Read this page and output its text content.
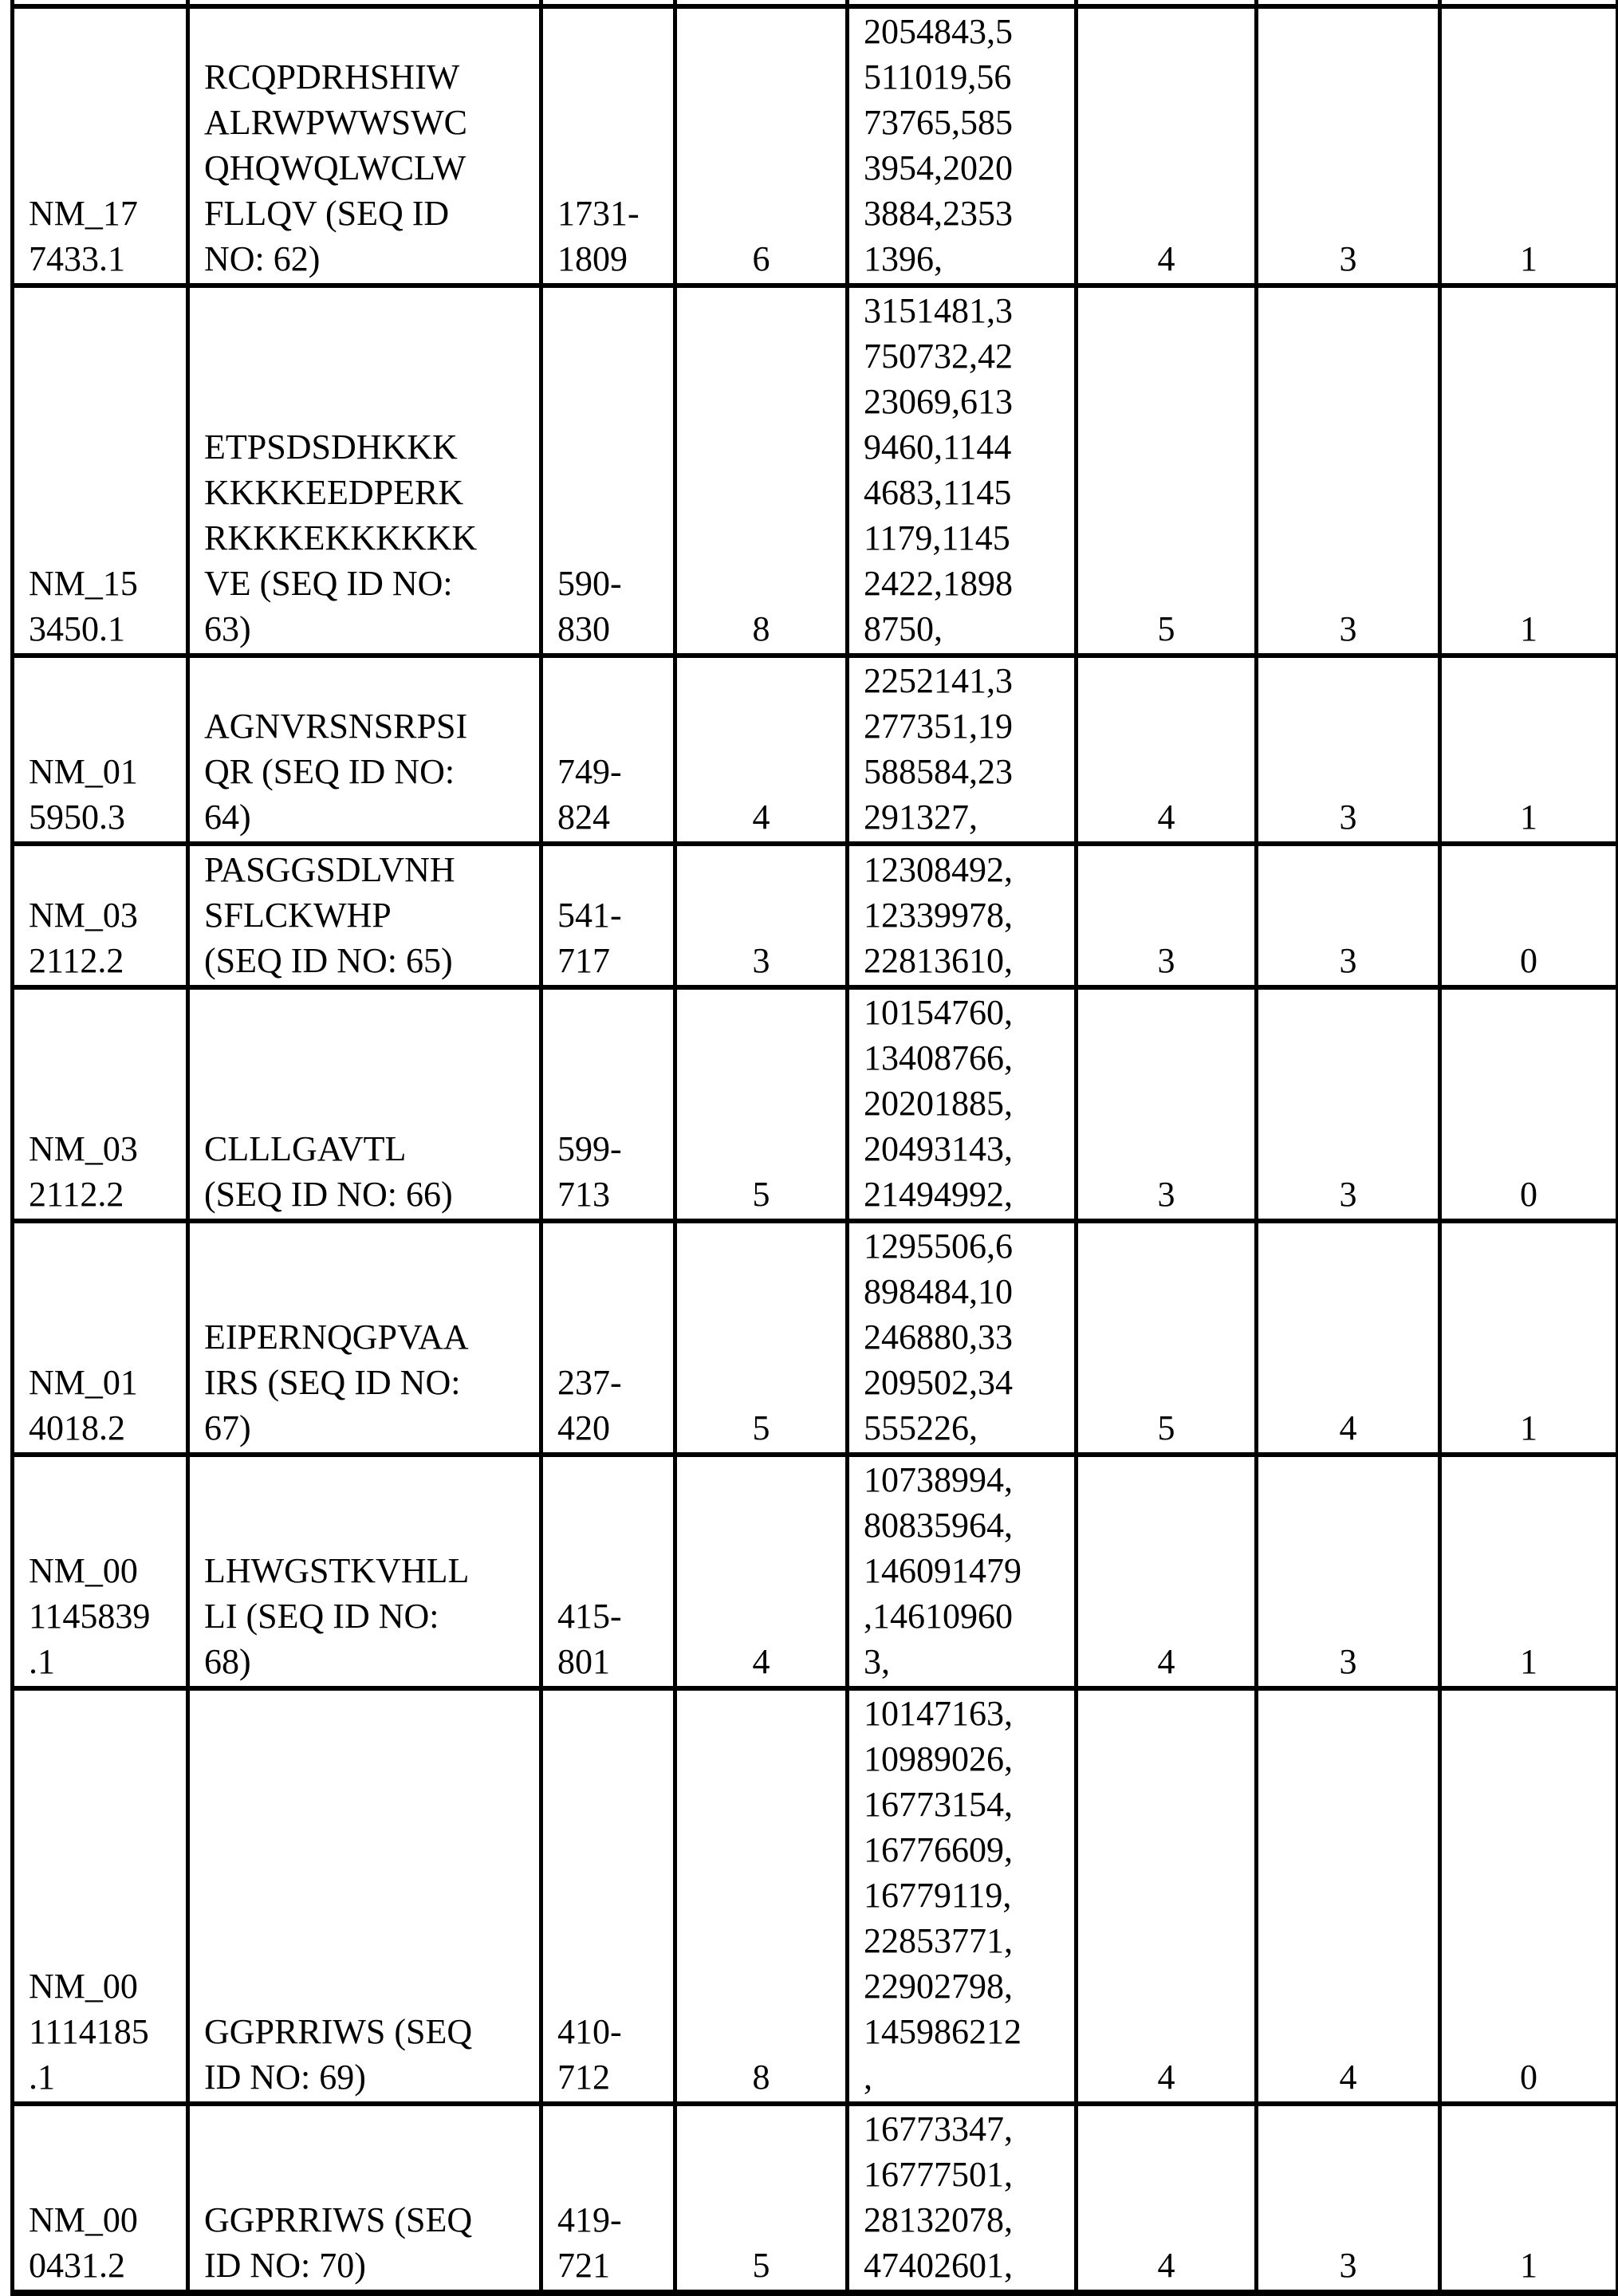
NM_17
7433.1	RCQPDRHSHIW
ALRWPWWSWC
QHQWQLWCLW
FLLQV (SEQ ID
NO: 62)	1731-
1809	6	2054843,5
511019,56
73765,585
3954,2020
3884,2353
1396,	4	3	1
NM_15
3450.1	ETPSDSDHKKK
KKKKEEDPERK
RKKKEKKKKKK
VE (SEQ ID NO:
63)	590-
830	8	3151481,3
750732,42
23069,613
9460,1144
4683,1145
1179,1145
2422,1898
8750,	5	3	1
NM_01
5950.3	AGNVRSNSRPSI
QR (SEQ ID NO:
64)	749-
824	4	2252141,3
277351,19
588584,23
291327,	4	3	1
NM_03
2112.2	PASGGSDLVNH
SFLCKWHP
(SEQ ID NO: 65)	541-
717	3	12308492,
12339978,
22813610,	3	3	0
NM_03
2112.2	CLLLGAVTL
(SEQ ID NO: 66)	599-
713	5	10154760,
13408766,
20201885,
20493143,
21494992,	3	3	0
NM_01
4018.2	EIPERNQGPVAA
IRS (SEQ ID NO:
67)	237-
420	5	1295506,6
898484,10
246880,33
209502,34
555226,	5	4	1
NM_00
1145839
.1	LHWGSTKVHLL
LI (SEQ ID NO:
68)	415-
801	4	10738994,
80835964,
146091479
,14610960
3,	4	3	1
NM_00
1114185
.1	GGPRRIWS (SEQ
ID NO: 69)	410-
712	8	10147163,
10989026,
16773154,
16776609,
16779119,
22853771,
22902798,
145986212
,	4	4	0
NM_00
0431.2	GGPRRIWS (SEQ
ID NO: 70)	419-
721	5	16773347,
16777501,
28132078,
47402601,	4	3	1
